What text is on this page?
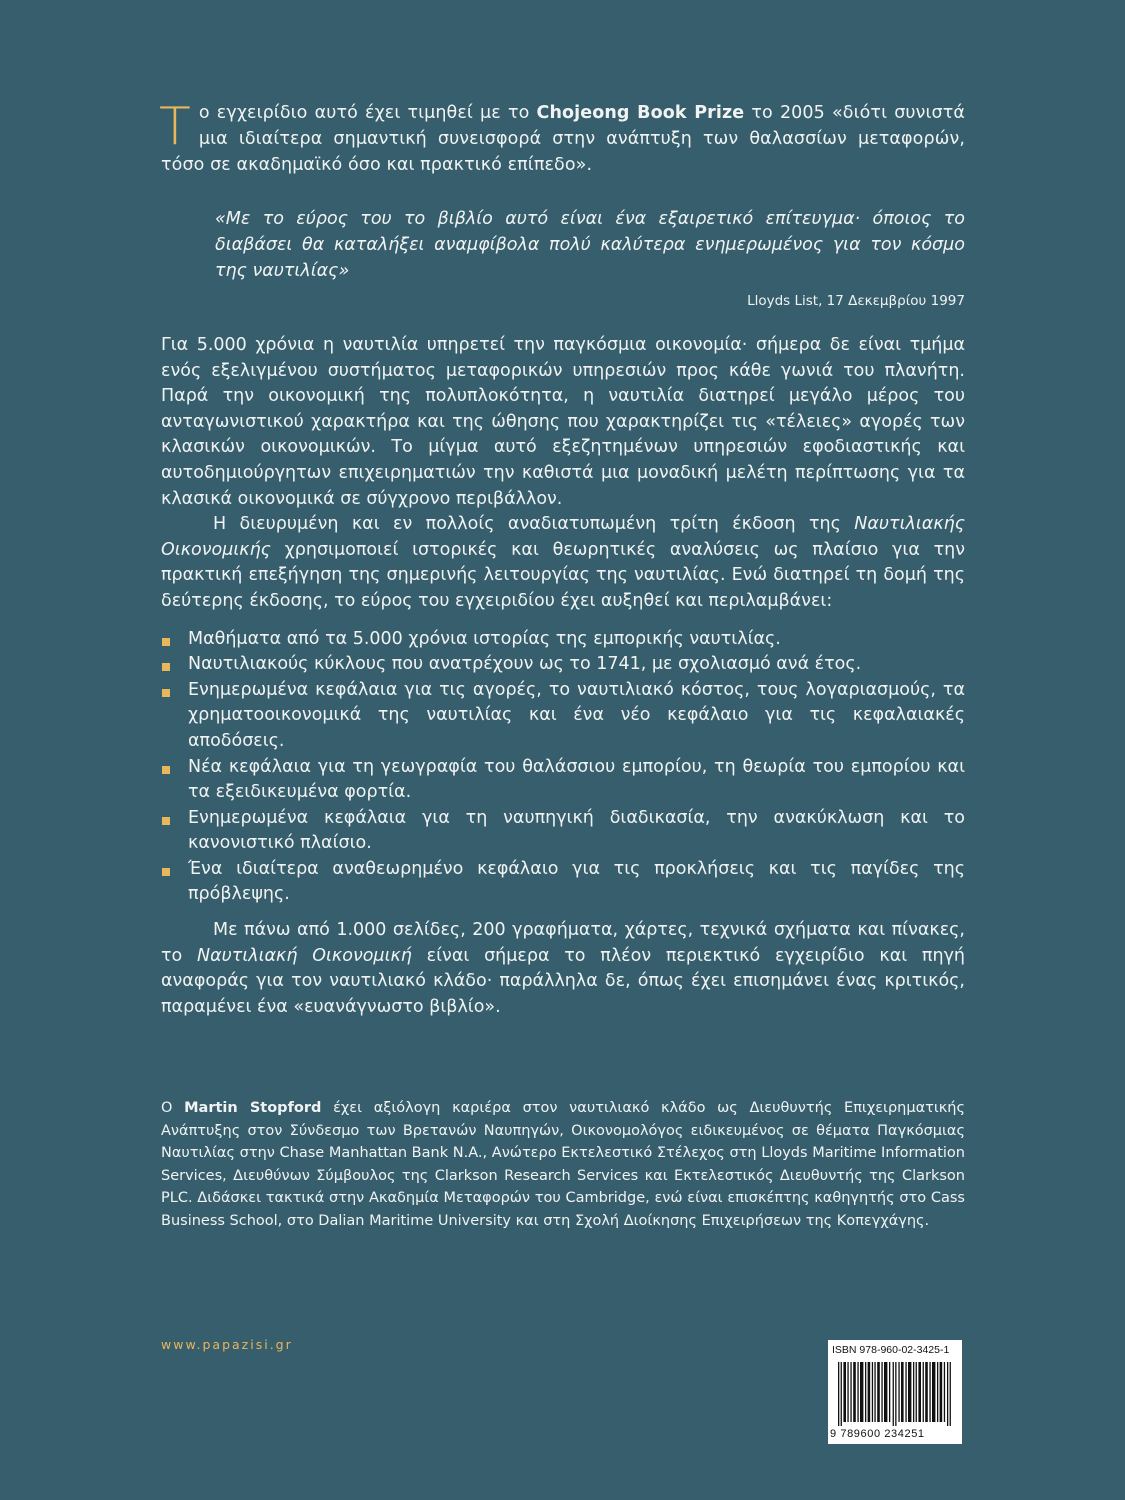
Το εγχειρίδιο αυτό έχει τιμηθεί με το Chojeong Book Prize το 2005 «διότι συνιστά μια ιδιαίτερα σημαντική συνεισφορά στην ανάπτυξη των θαλασσίων μεταφορών, τόσο σε ακαδημαϊκό όσο και πρακτικό επίπεδο».

«Με το εύρος του το βιβλίο αυτό είναι ένα εξαιρετικό επίτευγμα· όποιος το διαβάσει θα καταλήξει αναμφίβολα πολύ καλύτερα ενημερωμένος για τον κόσμο της ναυτιλίας»

Lloyds List, 17 Δεκεμβρίου 1997

Για 5.000 χρόνια η ναυτιλία υπηρετεί την παγκόσμια οικονομία· σήμερα δε είναι τμήμα ενός εξελιγμένου συστήματος μεταφορικών υπηρεσιών προς κάθε γωνιά του πλανήτη. Παρά την οικονομική της πολυπλοκότητα, η ναυτιλία διατηρεί μεγάλο μέρος του ανταγωνιστικού χαρακτήρα και της ώθησης που χαρακτηρίζει τις «τέλειες» αγορές των κλασικών οικονομικών. Το μίγμα αυτό εξεζητημένων υπηρεσιών εφοδιαστικής και αυτοδημιούργητων επιχειρηματιών την καθιστά μια μοναδική μελέτη περίπτωσης για τα κλασικά οικονομικά σε σύγχρονο περιβάλλον.

Η διευρυμένη και εν πολλοίς αναδιατυπωμένη τρίτη έκδοση της Ναυτιλιακής Οικονομικής χρησιμοποιεί ιστορικές και θεωρητικές αναλύσεις ως πλαίσιο για την πρακτική επεξήγηση της σημερινής λειτουργίας της ναυτιλίας. Ενώ διατηρεί τη δομή της δεύτερης έκδοσης, το εύρος του εγχειριδίου έχει αυξηθεί και περιλαμβάνει:

Μαθήματα από τα 5.000 χρόνια ιστορίας της εμπορικής ναυτιλίας.
Ναυτιλιακούς κύκλους που ανατρέχουν ως το 1741, με σχολιασμό ανά έτος.
Ενημερωμένα κεφάλαια για τις αγορές, το ναυτιλιακό κόστος, τους λογαριασμούς, τα χρηματοοικονομικά της ναυτιλίας και ένα νέο κεφάλαιο για τις κεφαλαιακές αποδόσεις.
Νέα κεφάλαια για τη γεωγραφία του θαλάσσιου εμπορίου, τη θεωρία του εμπορίου και τα εξειδικευμένα φορτία.
Ενημερωμένα κεφάλαια για τη ναυπηγική διαδικασία, την ανακύκλωση και το κανονιστικό πλαίσιο.
Ένα ιδιαίτερα αναθεωρημένο κεφάλαιο για τις προκλήσεις και τις παγίδες της πρόβλεψης.

Με πάνω από 1.000 σελίδες, 200 γραφήματα, χάρτες, τεχνικά σχήματα και πίνακες, το Ναυτιλιακή Οικονομική είναι σήμερα το πλέον περιεκτικό εγχειρίδιο και πηγή αναφοράς για τον ναυτιλιακό κλάδο· παράλληλα δε, όπως έχει επισημάνει ένας κριτικός, παραμένει ένα «ευανάγνωστο βιβλίο».

Ο Martin Stopford έχει αξιόλογη καριέρα στον ναυτιλιακό κλάδο ως Διευθυντής Επιχειρηματικής Ανάπτυξης στον Σύνδεσμο των Βρετανών Ναυπηγών, Οικονομολόγος ειδικευμένος σε θέματα Παγκόσμιας Ναυτιλίας στην Chase Manhattan Bank N.A., Ανώτερο Εκτελεστικό Στέλεχος στη Lloyds Maritime Information Services, Διευθύνων Σύμβουλος της Clarkson Research Services και Εκτελεστικός Διευθυντής της Clarkson PLC. Διδάσκει τακτικά στην Ακαδημία Μεταφορών του Cambridge, ενώ είναι επισκέπτης καθηγητής στο Cass Business School, στο Dalian Maritime University και στη Σχολή Διοίκησης Επιχειρήσεων της Κοπεγχάγης.

www.papazisi.gr	ISBN 978-960-02-3425-1
9 789600 234251
